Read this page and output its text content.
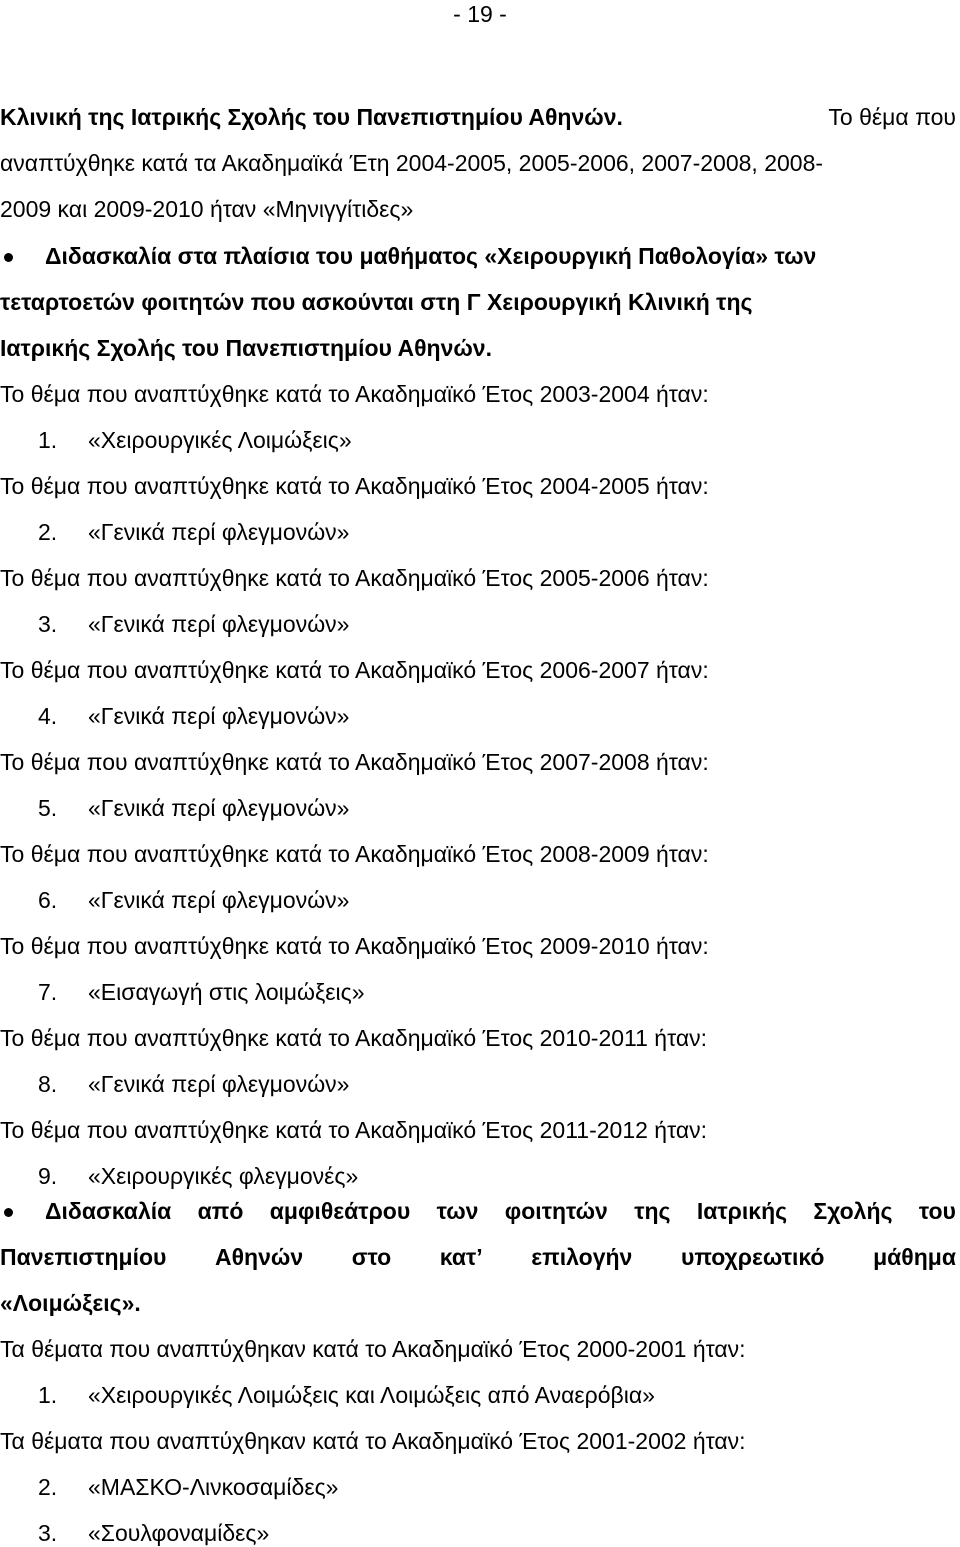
- 19 -
Κλινική της Ιατρικής Σχολής του Πανεπιστημίου Αθηνών.	Το θέμα που
αναπτύχθηκε κατά τα Ακαδημαϊκά Έτη 2004-2005, 2005-2006, 2007-2008, 2008-
2009 και 2009-2010 ήταν «Μηνιγγίτιδες»
Διδασκαλία στα πλαίσια του μαθήματος «Χειρουργική Παθολογία» των
τεταρτοετών φοιτητών που ασκούνται στη Γ Χειρουργική Κλινική της
Ιατρικής Σχολής του Πανεπιστημίου Αθηνών.
Το θέμα που αναπτύχθηκε κατά το Ακαδημαϊκό Έτος 2003-2004 ήταν:
1. «Χειρουργικές Λοιμώξεις»
Το θέμα που αναπτύχθηκε κατά το Ακαδημαϊκό Έτος 2004-2005 ήταν:
2. «Γενικά περί φλεγμονών»
Το θέμα που αναπτύχθηκε κατά το Ακαδημαϊκό Έτος 2005-2006 ήταν:
3. «Γενικά περί φλεγμονών»
Το θέμα που αναπτύχθηκε κατά το Ακαδημαϊκό Έτος 2006-2007 ήταν:
4. «Γενικά περί φλεγμονών»
Το θέμα που αναπτύχθηκε κατά το Ακαδημαϊκό Έτος 2007-2008 ήταν:
5. «Γενικά περί φλεγμονών»
Το θέμα που αναπτύχθηκε κατά το Ακαδημαϊκό Έτος 2008-2009 ήταν:
6. «Γενικά περί φλεγμονών»
Το θέμα που αναπτύχθηκε κατά το Ακαδημαϊκό Έτος 2009-2010 ήταν:
7. «Εισαγωγή στις λοιμώξεις»
Το θέμα που αναπτύχθηκε κατά το Ακαδημαϊκό Έτος 2010-2011 ήταν:
8. «Γενικά περί φλεγμονών»
Το θέμα που αναπτύχθηκε κατά το Ακαδημαϊκό Έτος 2011-2012 ήταν:
9. «Χειρουργικές φλεγμονές»
Διδασκαλία από αμφιθεάτρου των φοιτητών της Ιατρικής Σχολής του
Πανεπιστημίου Αθηνών στο κατ’ επιλογήν υποχρεωτικό μάθημα
«Λοιμώξεις».
Τα θέματα που αναπτύχθηκαν κατά το Ακαδημαϊκό Έτος 2000-2001 ήταν:
1. «Χειρουργικές Λοιμώξεις και Λοιμώξεις από Αναερόβια»
Τα θέματα που αναπτύχθηκαν κατά το Ακαδημαϊκό Έτος 2001-2002 ήταν:
2. «ΜΑΣΚΟ-Λινκοσαμίδες»
3. «Σουλφοναμίδες»
